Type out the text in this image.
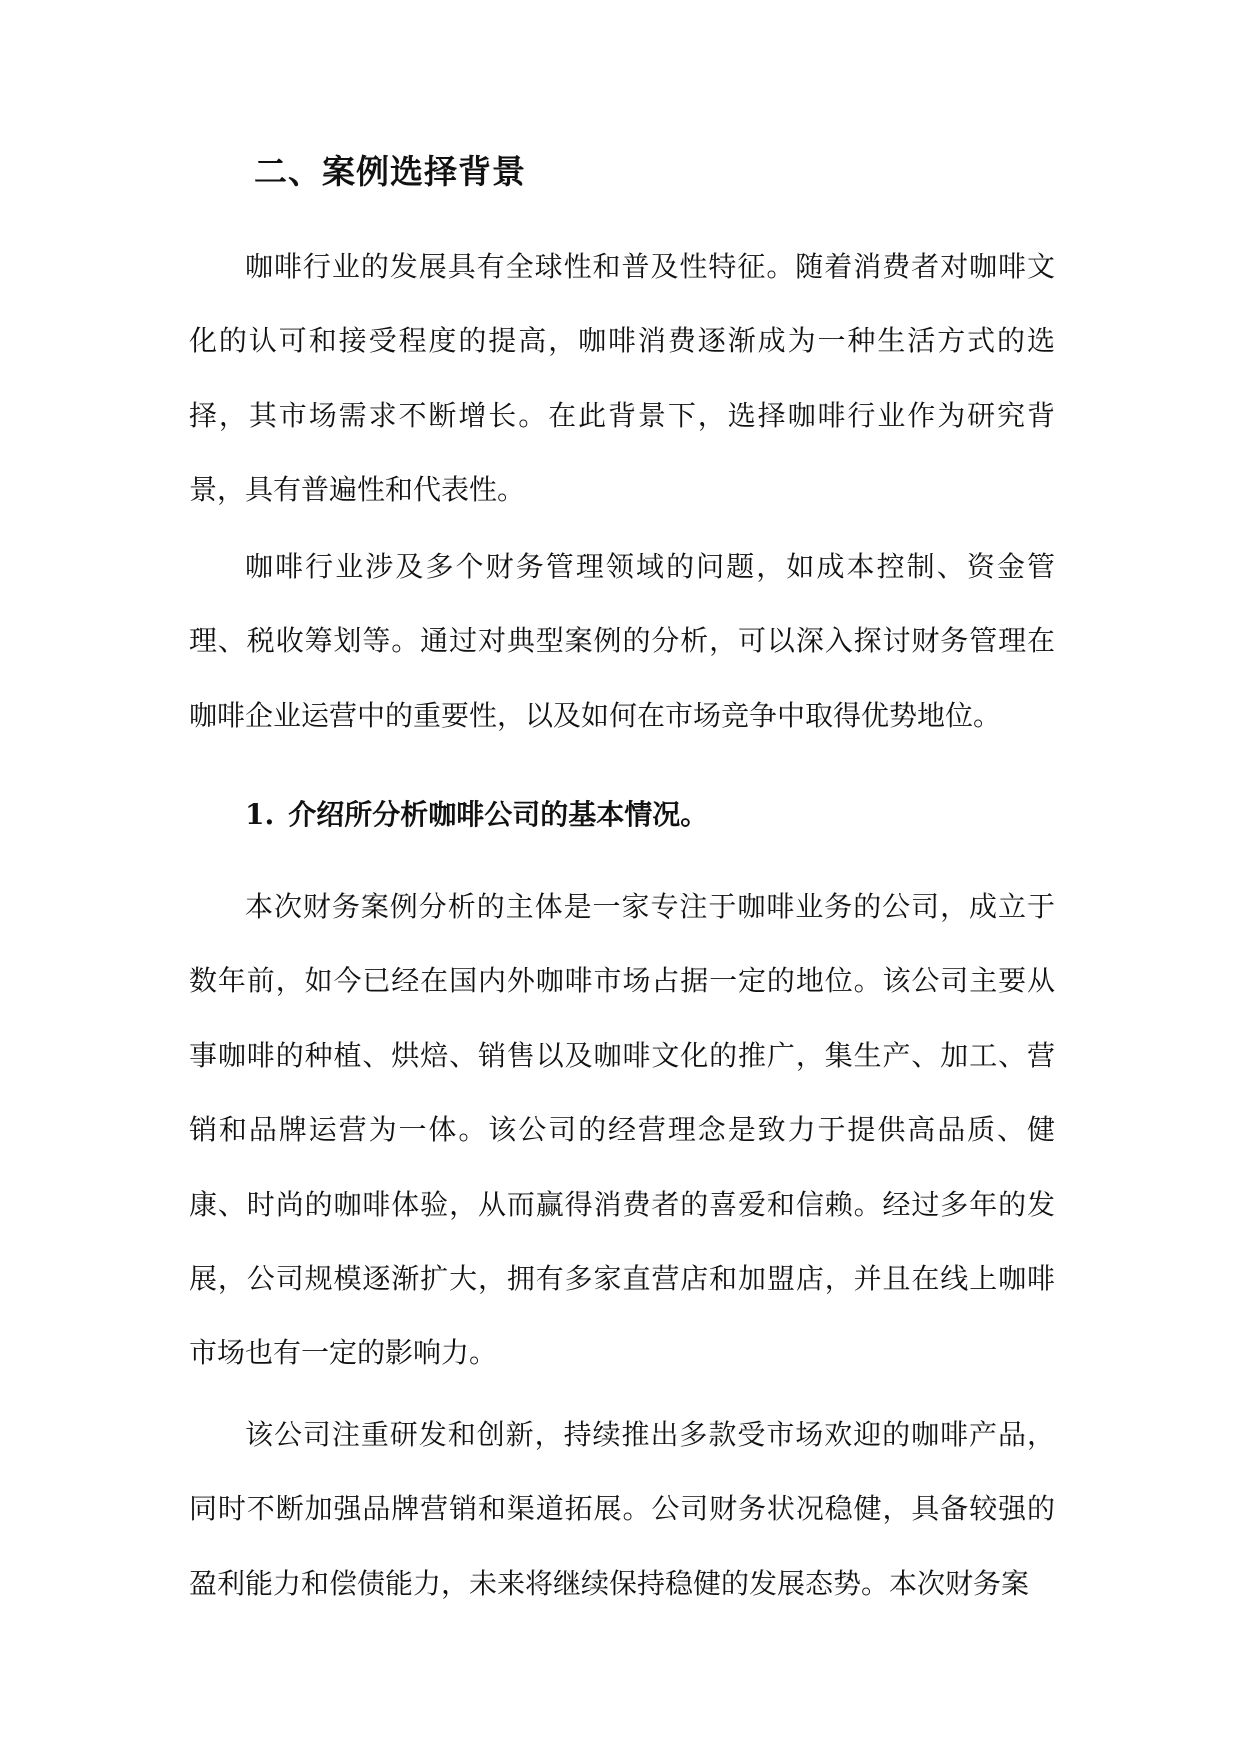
二、案例选择背景

咖啡行业的发展具有全球性和普及性特征。随着消费者对咖啡文化的认可和接受程度的提高，咖啡消费逐渐成为一种生活方式的选择，其市场需求不断增长。在此背景下，选择咖啡行业作为研究背景，具有普遍性和代表性。

咖啡行业涉及多个财务管理领域的问题，如成本控制、资金管理、税收筹划等。通过对典型案例的分析，可以深入探讨财务管理在咖啡企业运营中的重要性，以及如何在市场竞争中取得优势地位。

1. 介绍所分析咖啡公司的基本情况。

本次财务案例分析的主体是一家专注于咖啡业务的公司，成立于数年前，如今已经在国内外咖啡市场占据一定的地位。该公司主要从事咖啡的种植、烘焙、销售以及咖啡文化的推广，集生产、加工、营销和品牌运营为一体。该公司的经营理念是致力于提供高品质、健康、时尚的咖啡体验，从而赢得消费者的喜爱和信赖。经过多年的发展，公司规模逐渐扩大，拥有多家直营店和加盟店，并且在线上咖啡市场也有一定的影响力。

该公司注重研发和创新，持续推出多款受市场欢迎的咖啡产品，同时不断加强品牌营销和渠道拓展。公司财务状况稳健，具备较强的盈利能力和偿债能力，未来将继续保持稳健的发展态势。本次财务案
